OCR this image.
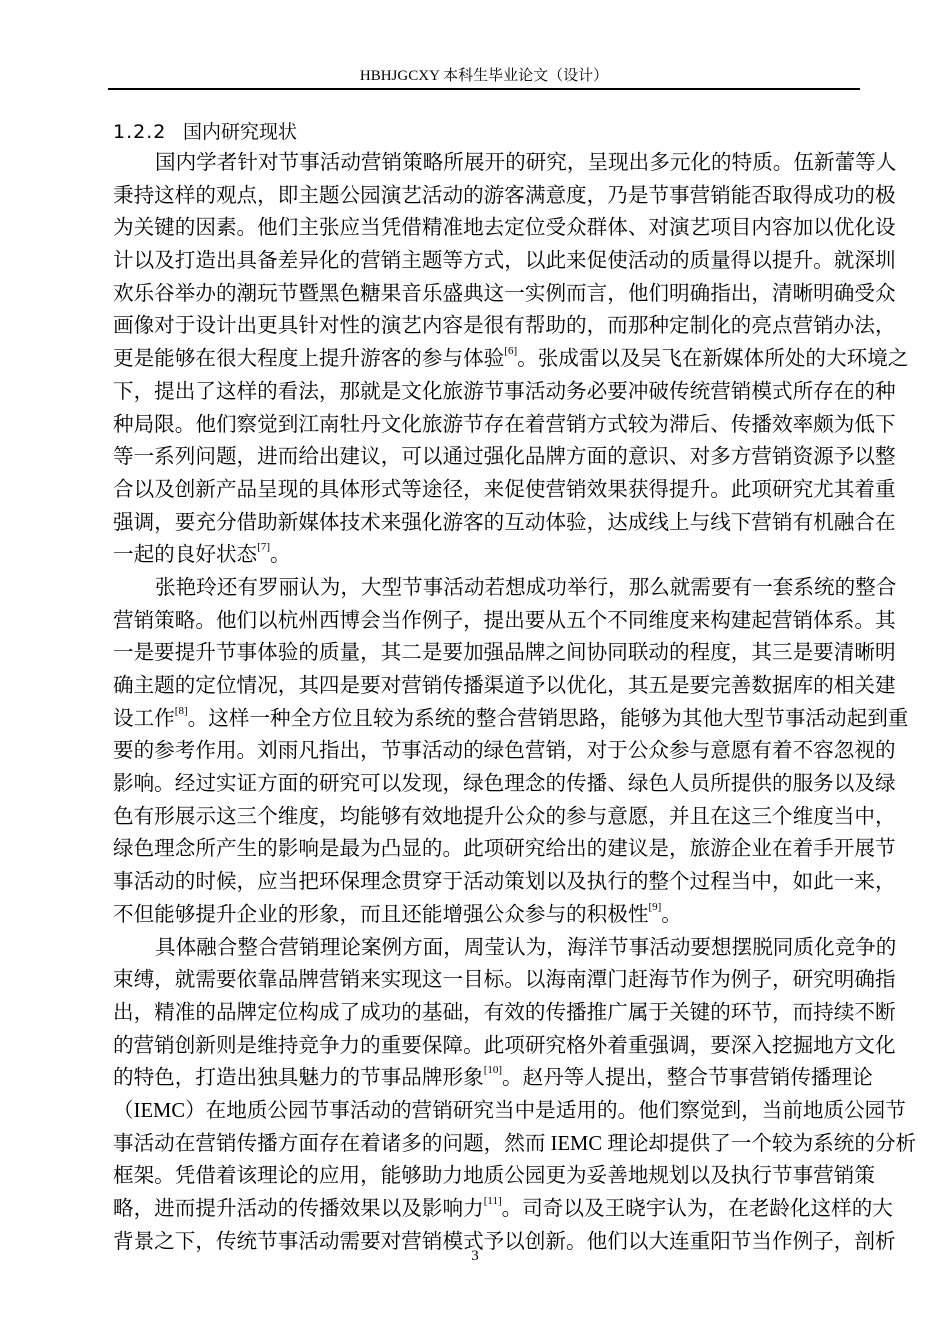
HBHJGCXY 本科生毕业论文（设计）
1.2.2 国内研究现状
国内学者针对节事活动营销策略所展开的研究，呈现出多元化的特质。伍新蕾等人
秉持这样的观点，即主题公园演艺活动的游客满意度，乃是节事营销能否取得成功的极
为关键的因素。他们主张应当凭借精准地去定位受众群体、对演艺项目内容加以优化设
计以及打造出具备差异化的营销主题等方式，以此来促使活动的质量得以提升。就深圳
欢乐谷举办的潮玩节暨黑色糖果音乐盛典这一实例而言，他们明确指出，清晰明确受众
画像对于设计出更具针对性的演艺内容是很有帮助的，而那种定制化的亮点营销办法，
更是能够在很大程度上提升游客的参与体验[6]。张成雷以及吴飞在新媒体所处的大环境之
下，提出了这样的看法，那就是文化旅游节事活动务必要冲破传统营销模式所存在的种
种局限。他们察觉到江南牡丹文化旅游节存在着营销方式较为滞后、传播效率颇为低下
等一系列问题，进而给出建议，可以通过强化品牌方面的意识、对多方营销资源予以整
合以及创新产品呈现的具体形式等途径，来促使营销效果获得提升。此项研究尤其着重
强调，要充分借助新媒体技术来强化游客的互动体验，达成线上与线下营销有机融合在
一起的良好状态[7]。
张艳玲还有罗丽认为，大型节事活动若想成功举行，那么就需要有一套系统的整合
营销策略。他们以杭州西博会当作例子，提出要从五个不同维度来构建起营销体系。其
一是要提升节事体验的质量，其二是要加强品牌之间协同联动的程度，其三是要清晰明
确主题的定位情况，其四是要对营销传播渠道予以优化，其五是要完善数据库的相关建
设工作[8]。这样一种全方位且较为系统的整合营销思路，能够为其他大型节事活动起到重
要的参考作用。刘雨凡指出，节事活动的绿色营销，对于公众参与意愿有着不容忽视的
影响。经过实证方面的研究可以发现，绿色理念的传播、绿色人员所提供的服务以及绿
色有形展示这三个维度，均能够有效地提升公众的参与意愿，并且在这三个维度当中，
绿色理念所产生的影响是最为凸显的。此项研究给出的建议是，旅游企业在着手开展节
事活动的时候，应当把环保理念贯穿于活动策划以及执行的整个过程当中，如此一来，
不但能够提升企业的形象，而且还能增强公众参与的积极性[9]。
具体融合整合营销理论案例方面，周莹认为，海洋节事活动要想摆脱同质化竞争的
束缚，就需要依靠品牌营销来实现这一目标。以海南潭门赶海节作为例子，研究明确指
出，精准的品牌定位构成了成功的基础，有效的传播推广属于关键的环节，而持续不断
的营销创新则是维持竞争力的重要保障。此项研究格外着重强调，要深入挖掘地方文化
的特色，打造出独具魅力的节事品牌形象[10]。赵丹等人提出，整合节事营销传播理论
（IEMC）在地质公园节事活动的营销研究当中是适用的。他们察觉到，当前地质公园节
事活动在营销传播方面存在着诸多的问题，然而 IEMC 理论却提供了一个较为系统的分析
框架。凭借着该理论的应用，能够助力地质公园更为妥善地规划以及执行节事营销策
略，进而提升活动的传播效果以及影响力[11]。司奇以及王晓宇认为，在老龄化这样的大
背景之下，传统节事活动需要对营销模式予以创新。他们以大连重阳节当作例子，剖析
3
